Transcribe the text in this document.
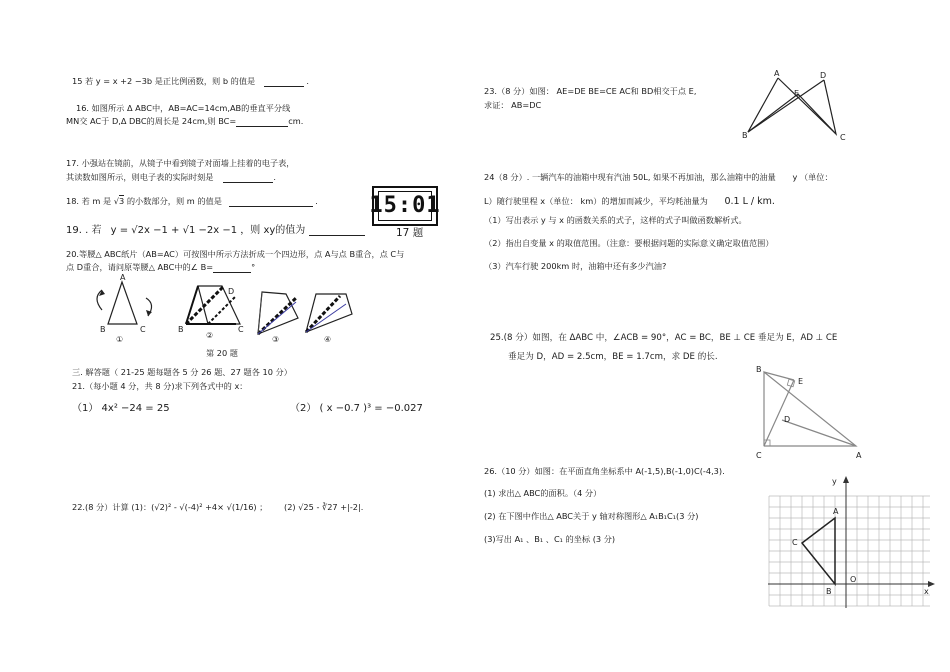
15 若 y = x +2 −3b 是正比例函数，则 b 的值是	.
16. 如图所示 Δ ABC中，AB=AC=14cm,AB的垂直平分线
MN交 AC于 D,Δ DBC的周长是 24cm,则 BC=	cm.
17. 小强站在镜前，从镜子中看到镜子对面墙上挂着的电子表，
其读数如图所示，则电子表的实际时刻是	.
18. 若 m 是 √3 的小数部分，则 m 的值是	. 15:01
17 题
19. . 若 y = √2x −1 + √1 −2x −1 ，则 xy的值为
20.等腰△ ABC纸片（AB=AC）可按图中所示方法折成一个四边形，点 A与点 B重合，点 C与
点 D重合，请问原等腰△ ABC中的∠ B=	°
A
B	C
D
B	C
①	②	③	④
第 20 题
三. 解答题（ 21-25 题每题各 5 分 26 题、27 题各 10 分）
21.（每小题 4 分，共 8 分)求下列各式中的 x：
（1） 4x² −24 = 25	（2） ( x −0.7 )³ = −0.027
22.(8 分）计算 (1)：(√2)² - √(-4)² +4× √(1/16) ； (2) √25 - ∛27 +|-2|.
23.（8 分）如图： AE=DE BE=CE AC和 BD相交于点 E,
求证： AB=DC
A	D
E
B	C
24（8 分）. 一辆汽车的油箱中现有汽油 50L, 如果不再加油，那么油箱中的油量 y （单位：
L）随行驶里程 x（单位： km）的增加而减少，平均耗油量为 0.1 L / km.
（1）写出表示 y 与 x 的函数关系的式子，这样的式子叫做函数解析式。
（2）指出自变量 x 的取值范围。（注意：要根据问题的实际意义确定取值范围）
（3）汽车行驶 200km 时，油箱中还有多少汽油?
25.(8 分）如图，在 ΔABC 中，∠ACB = 90°，AC = BC，BE ⊥ CE 垂足为 E，AD ⊥ CE
垂足为 D，AD = 2.5cm，BE = 1.7cm，求 DE 的长.
B
E
D
C	A
26.（10 分）如图：在平面直角坐标系中 A(-1,5),B(-1,0)C(-4,3).
(1) 求出△ ABC的面积。（4 分）
(2) 在下图中作出△ ABC关于 y 轴对称图形△ A₁B₁C₁(3 分)
(3)写出 A₁ 、B₁ 、C₁ 的坐标 (3 分)
A
B
C
O
y
x
